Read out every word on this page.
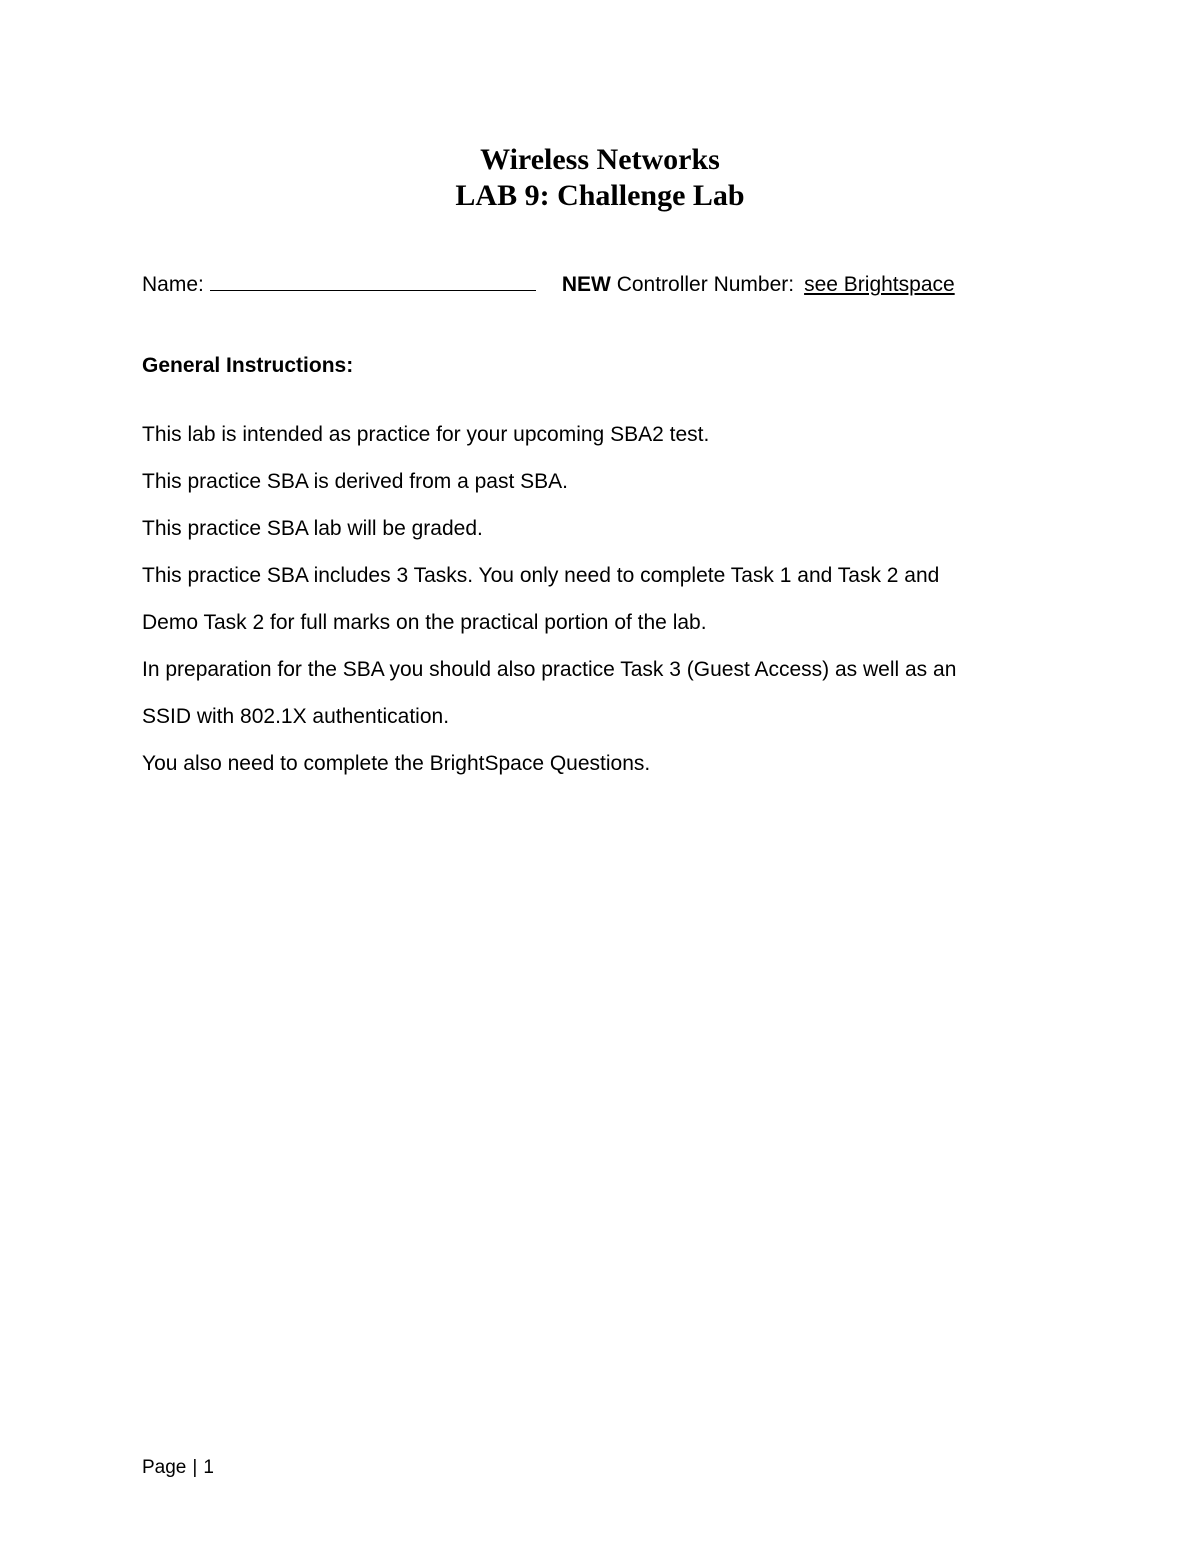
Wireless Networks
LAB 9: Challenge Lab
Name:	NEW Controller Number: see Brightspace
General Instructions:
This lab is intended as practice for your upcoming SBA2 test.
This practice SBA is derived from a past SBA.
This practice SBA lab will be graded.
This practice SBA includes 3 Tasks. You only need to complete Task 1 and Task 2 and
Demo Task 2 for full marks on the practical portion of the lab.
In preparation for the SBA you should also practice Task 3 (Guest Access) as well as an
SSID with 802.1X authentication.
You also need to complete the BrightSpace Questions.
Page | 1
